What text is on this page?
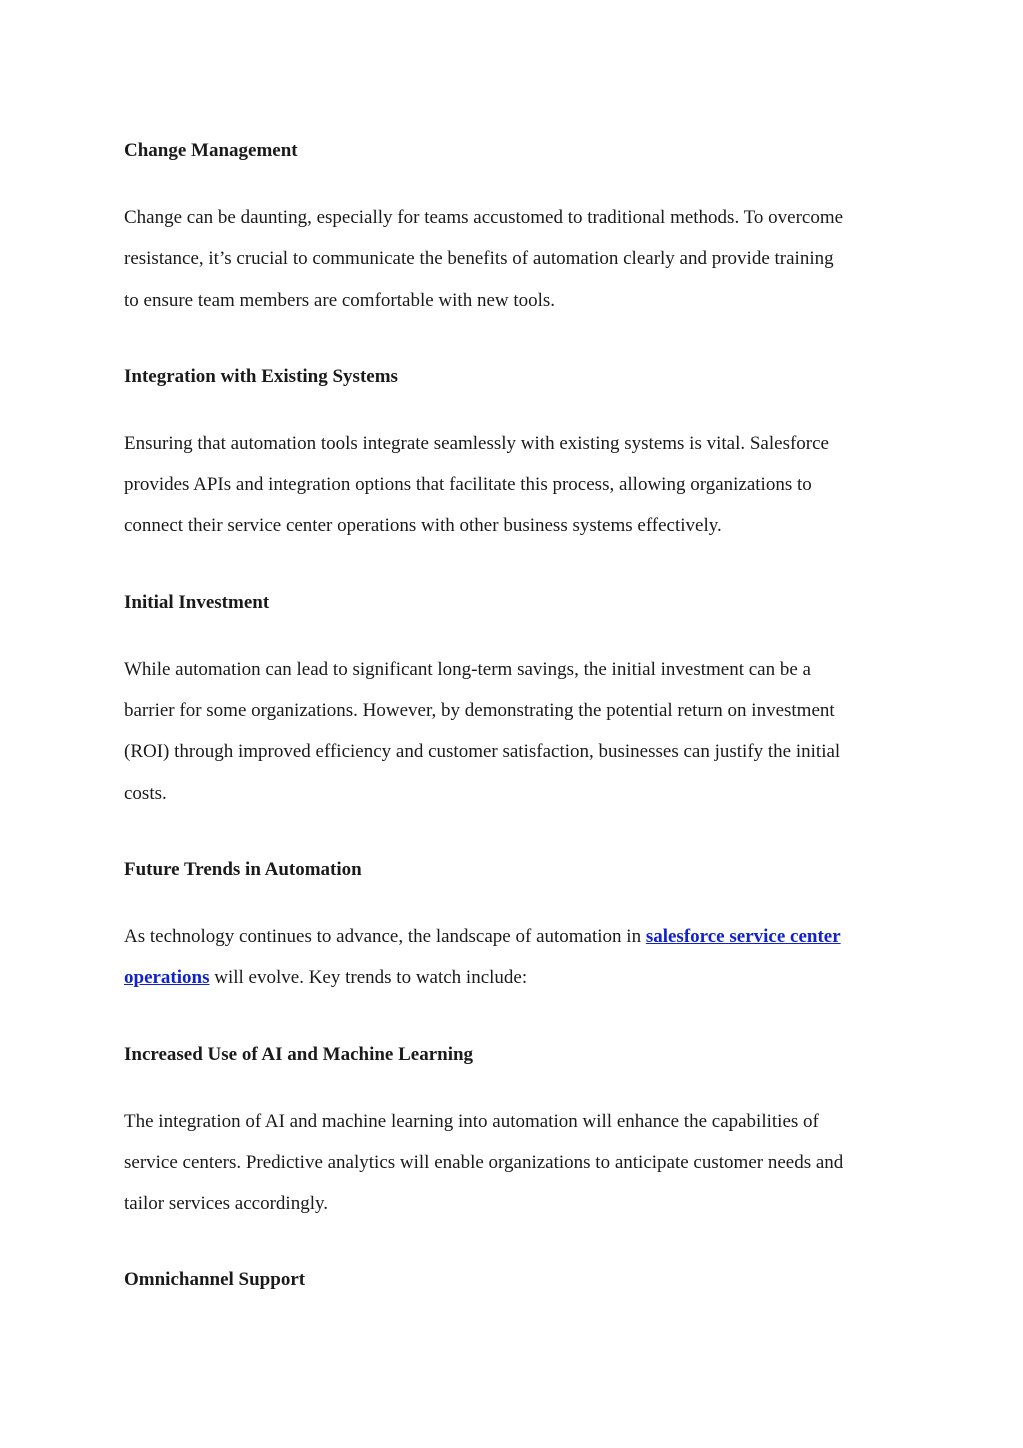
Change Management
Change can be daunting, especially for teams accustomed to traditional methods. To overcome
resistance, it’s crucial to communicate the benefits of automation clearly and provide training
to ensure team members are comfortable with new tools.
Integration with Existing Systems
Ensuring that automation tools integrate seamlessly with existing systems is vital. Salesforce
provides APIs and integration options that facilitate this process, allowing organizations to
connect their service center operations with other business systems effectively.
Initial Investment
While automation can lead to significant long-term savings, the initial investment can be a
barrier for some organizations. However, by demonstrating the potential return on investment
(ROI) through improved efficiency and customer satisfaction, businesses can justify the initial
costs.
Future Trends in Automation
As technology continues to advance, the landscape of automation in salesforce service center
operations will evolve. Key trends to watch include:
Increased Use of AI and Machine Learning
The integration of AI and machine learning into automation will enhance the capabilities of
service centers. Predictive analytics will enable organizations to anticipate customer needs and
tailor services accordingly.
Omnichannel Support
